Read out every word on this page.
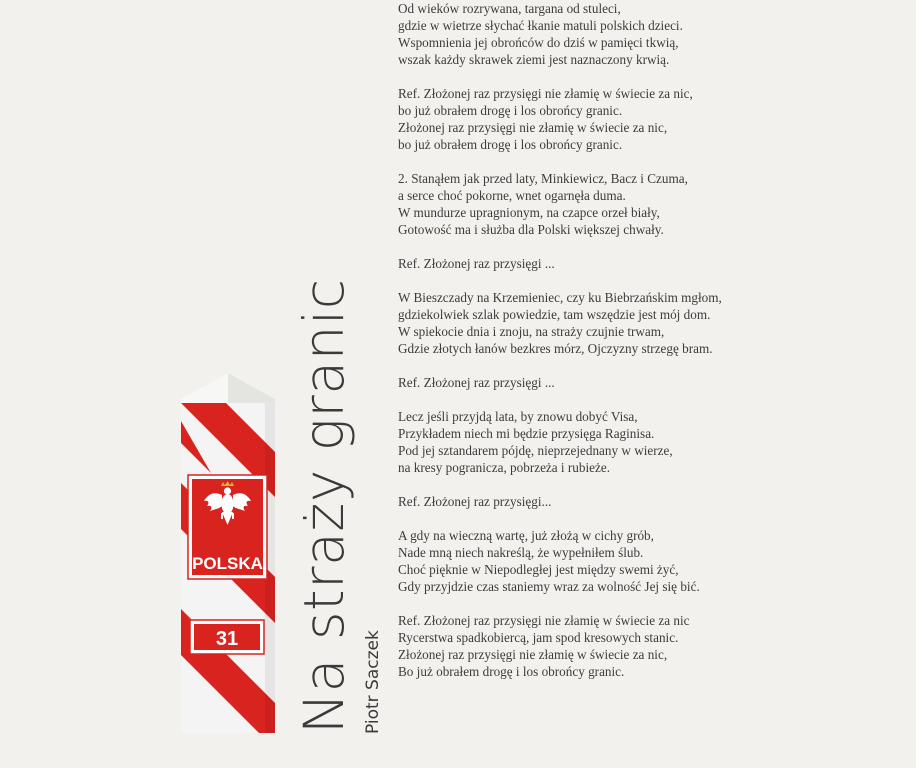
POLSKA
31 Na straży granic Piotr Saczek
Od wieków rozrywana, targana od stuleci,
gdzie w wietrze słychać łkanie matuli polskich dzieci.
Wspomnienia jej obrońców do dziś w pamięci tkwią,
wszak każdy skrawek ziemi jest naznaczony krwią.
Ref. Złożonej raz przysięgi nie złamię w świecie za nic,
bo już obrałem drogę i los obrońcy granic.
Złożonej raz przysięgi nie złamię w świecie za nic,
bo już obrałem drogę i los obrońcy granic.
2. Stanąłem jak przed laty, Minkiewicz, Bacz i Czuma,
a serce choć pokorne, wnet ogarnęła duma.
W mundurze upragnionym, na czapce orzeł biały,
Gotowość ma i służba dla Polski większej chwały.
Ref. Złożonej raz przysięgi ...
W Bieszczady na Krzemieniec, czy ku Biebrzańskim mgłom,
gdziekolwiek szlak powiedzie, tam wszędzie jest mój dom.
W spiekocie dnia i znoju, na straży czujnie trwam,
Gdzie złotych łanów bezkres mórz, Ojczyzny strzegę bram.
Ref. Złożonej raz przysięgi ...
Lecz jeśli przyjdą lata, by znowu dobyć Visa,
Przykładem niech mi będzie przysięga Raginisa.
Pod jej sztandarem pójdę, nieprzejednany w wierze,
na kresy pogranicza, pobrzeża i rubieże.
Ref. Złożonej raz przysięgi...
A gdy na wieczną wartę, już złożą w cichy grób,
Nade mną niech nakreślą, że wypełniłem ślub.
Choć pięknie w Niepodległej jest między swemi żyć,
Gdy przyjdzie czas staniemy wraz za wolność Jej się bić.
Ref. Złożonej raz przysięgi nie złamię w świecie za nic
Rycerstwa spadkobiercą, jam spod kresowych stanic.
Złożonej raz przysięgi nie złamię w świecie za nic,
Bo już obrałem drogę i los obrońcy granic.
